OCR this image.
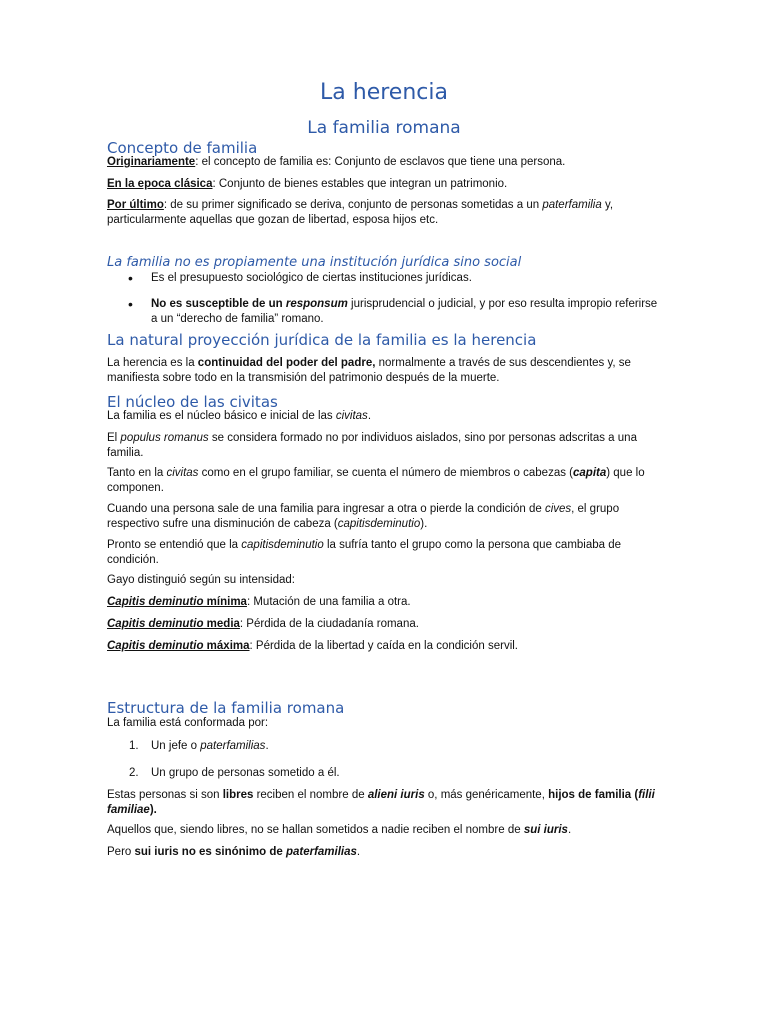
La herencia
La familia romana
Concepto de familia

Originariamente: el concepto de familia es: Conjunto de esclavos que tiene una persona.

En la epoca clásica: Conjunto de bienes estables que integran un patrimonio.

Por último: de su primer significado se deriva, conjunto de personas sometidas a un paterfamilia y, particularmente aquellas que gozan de libertad, esposa hijos etc.

La familia no es propiamente una institución jurídica sino social
• Es el presupuesto sociológico de ciertas instituciones jurídicas.

• No es susceptible de un responsum jurisprudencial o judicial, y por eso resulta impropio referirse a un “derecho de familia” romano.

La natural proyección jurídica de la familia es la herencia

La herencia es la continuidad del poder del padre, normalmente a través de sus descendientes y, se manifiesta sobre todo en la transmisión del patrimonio después de la muerte.

El núcleo de las civitas

La familia es el núcleo básico e inicial de las civitas.

El populus romanus se considera formado no por individuos aislados, sino por personas adscritas a una familia.

Tanto en la civitas como en el grupo familiar, se cuenta el número de miembros o cabezas (capita) que lo componen.

Cuando una persona sale de una familia para ingresar a otra o pierde la condición de cives, el grupo respectivo sufre una disminución de cabeza (capitisdeminutio).

Pronto se entendió que la capitisdeminutio la sufría tanto el grupo como la persona que cambiaba de condición.

Gayo distinguió según su intensidad:

Capitis deminutio mínima: Mutación de una familia a otra.

Capitis deminutio media: Pérdida de la ciudadanía romana.

Capitis deminutio máxima: Pérdida de la libertad y caída en la condición servil.

Estructura de la familia romana

La familia está conformada por:

1. Un jefe o paterfamilias.

2. Un grupo de personas sometido a él.

Estas personas si son libres reciben el nombre de alieni iuris o, más genéricamente, hijos de familia (filii familiae).

Aquellos que, siendo libres, no se hallan sometidos a nadie reciben el nombre de sui iuris.

Pero sui iuris no es sinónimo de paterfamilias.
